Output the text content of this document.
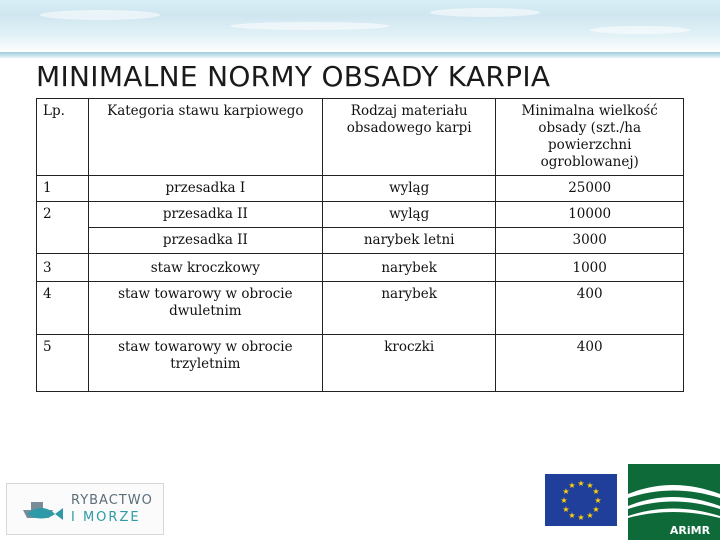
MINIMALNE NORMY OBSADY KARPIA
Lp.	Kategoria stawu karpiowego	Rodzaj materiału obsadowego karpi	Minimalna wielkość obsady (szt./ha powierzchni ogroblowanej)
1	przesadka I	wyląg	25000
2	przesadka II	wyląg	10000
	przesadka II	narybek letni	3000
3	staw kroczkowy	narybek	1000
4	staw towarowy w obrocie dwuletnim	narybek	400
5	staw towarowy w obrocie trzyletnim	kroczki	400
RYBACTWO
I MORZE
★ ★
★
★
★
★
★
★
★
★
★
★
ARiMR
